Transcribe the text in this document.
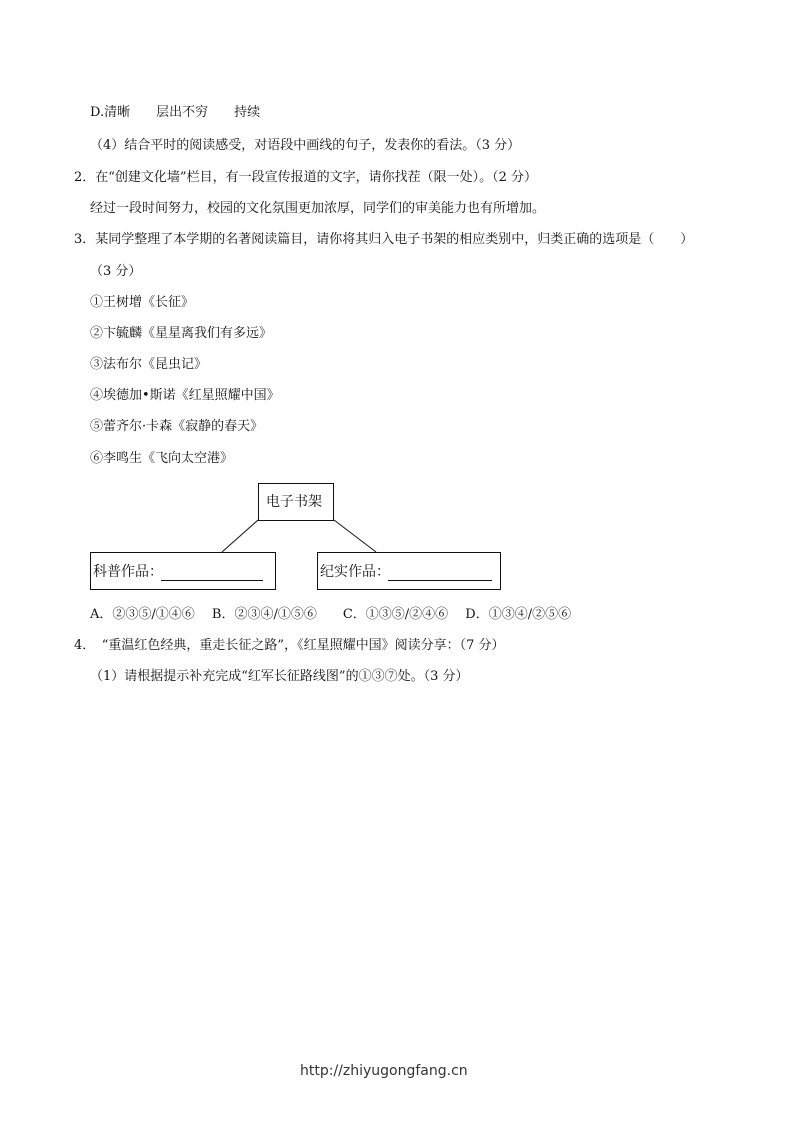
D.清晰　　层出不穷　　持续
（4）结合平时的阅读感受，对语段中画线的句子，发表你的看法。（3 分）
2．在“创建文化墙”栏目，有一段宣传报道的文字，请你找茬（限一处）。（2 分）
经过一段时间努力，校园的文化氛围更加浓厚，同学们的审美能力也有所增加。
3．某同学整理了本学期的名著阅读篇目，请你将其归入电子书架的相应类别中，归类正确的选项是（　　）
（3 分）
①王树增《长征》
②卞毓麟《星星离我们有多远》
③法布尔《昆虫记》
④埃德加•斯诺《红星照耀中国》
⑤蕾齐尔·卡森《寂静的春天》
⑥李鸣生《飞向太空港》
电子书架
科普作品：	纪实作品：
A．②③⑤/①④⑥　 B．②③④/①⑤⑥　　C．①③⑤/②④⑥　 D．①③④/②⑤⑥
4．　“重温红色经典，重走长征之路”，《红星照耀中国》阅读分享：（7 分）
（1）请根据提示补充完成“红军长征路线图”的①③⑦处。（3 分）
http://zhiyugongfang.cn
